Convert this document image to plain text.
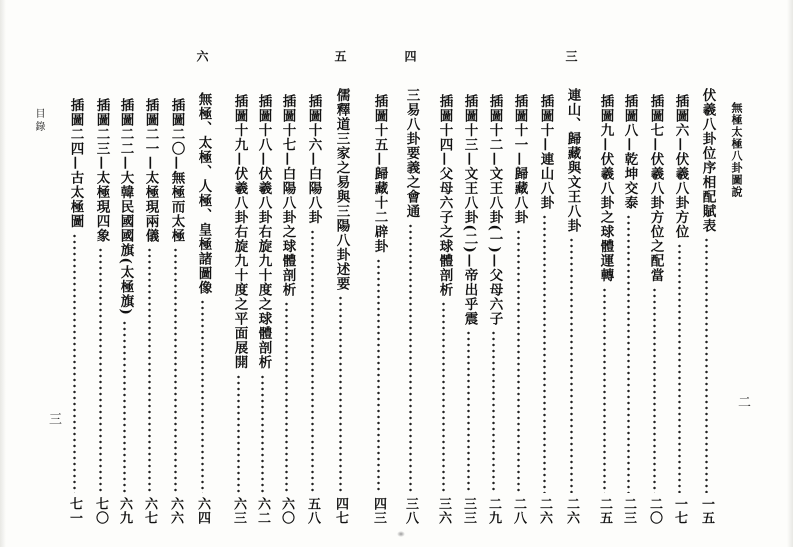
無極太極八卦圖說
二
伏羲八卦位序相配賦表
一五
插圖六—伏羲八卦方位
一七
插圖七—伏羲八卦方位之配當
二〇
插圖八—乾坤交泰
二三
插圖九—伏羲八卦之球體運轉
二五
三
連山、歸藏與文王八卦
二六
插圖十—連山八卦
二六
插圖十一—歸藏八卦
二八
插圖十二—文王八卦(一)—父母六子
二九
插圖十三—文王八卦(二)—帝出乎震
三三
插圖十四—父母六子之球體剖析
三六
四
三易八卦要義之會通
三八
插圖十五—歸藏十二辟卦
四三
五
儒釋道三家之易與三陽八卦述要
四七
插圖十六—白陽八卦
五八
插圖十七—白陽八卦之球體剖析
六〇
插圖十八—伏羲八卦右旋九十度之球體剖析
六二
插圖十九—伏羲八卦右旋九十度之平面展開
六三
六
無極、太極、人極、皇極諸圖像
六四
插圖二〇—無極而太極
六六
插圖二一—太極現兩儀
六七
插圖二二—大韓民國國旗(太極旗)
六九
插圖二三—太極現四象
七〇
插圖二四—古太極圖
七一
目錄
三
